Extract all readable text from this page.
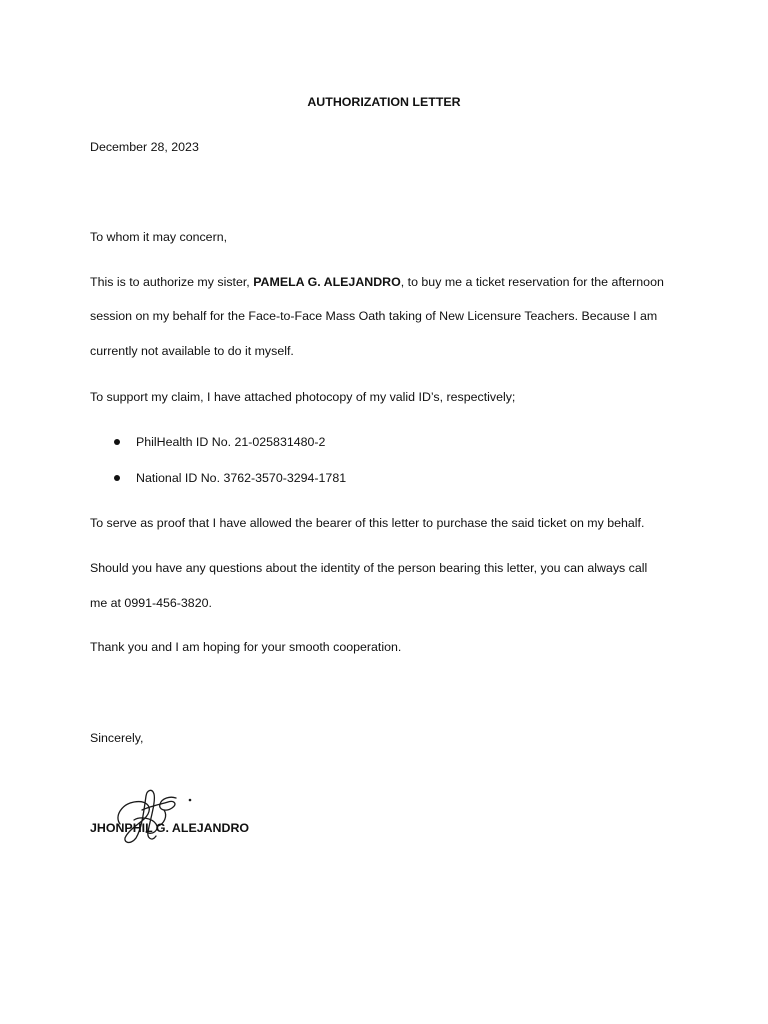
AUTHORIZATION LETTER
December 28, 2023
To whom it may concern,
This is to authorize my sister, PAMELA G. ALEJANDRO, to buy me a ticket reservation for the afternoon
session on my behalf for the Face-to-Face Mass Oath taking of New Licensure Teachers. Because I am
currently not available to do it myself.
To support my claim, I have attached photocopy of my valid ID’s, respectively;
PhilHealth ID No. 21-025831480-2
National ID No. 3762-3570-3294-1781
To serve as proof that I have allowed the bearer of this letter to purchase the said ticket on my behalf.
Should you have any questions about the identity of the person bearing this letter, you can always call
me at 0991-456-3820.
Thank you and I am hoping for your smooth cooperation.
Sincerely,
JHONPHIL G. ALEJANDRO
